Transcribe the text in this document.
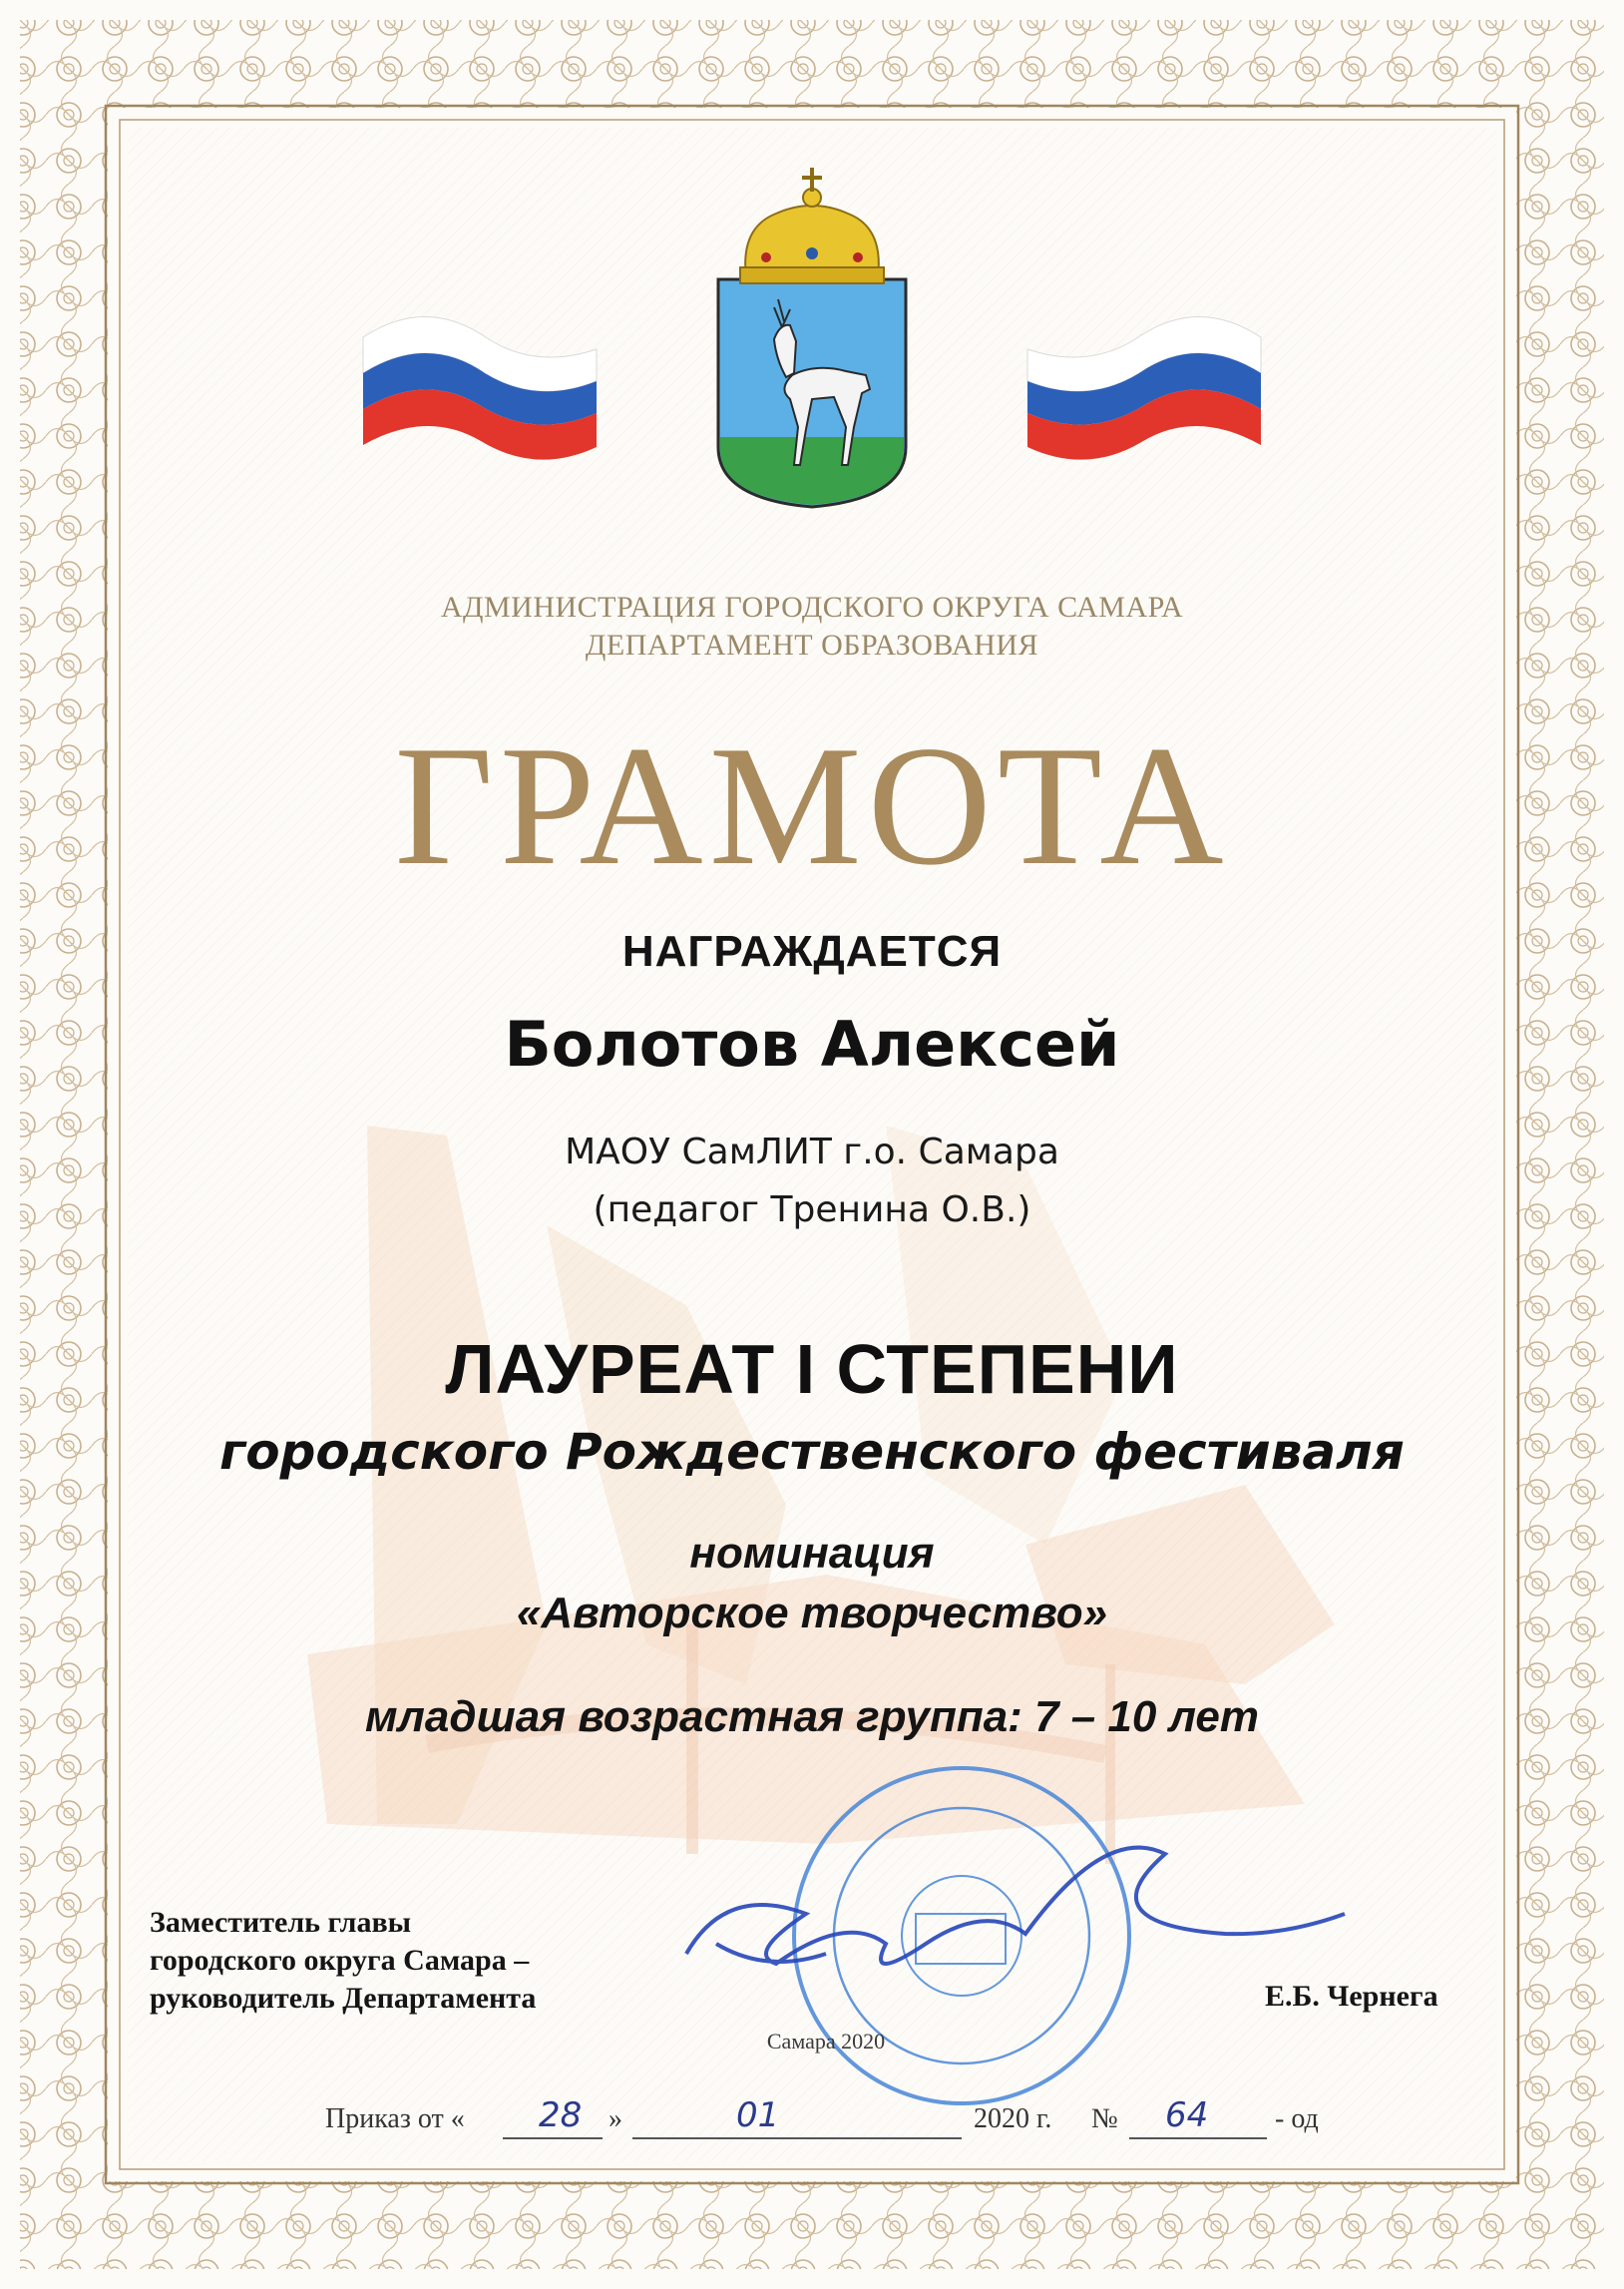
АДМИНИСТРАЦИЯ ГОРОДСКОГО ОКРУГА САМАРА

ДЕПАРТАМЕНТ ОБРАЗОВАНИЯ

ГРАМОТА

НАГРАЖДАЕТСЯ

Болотов Алексей

МАОУ СамЛИТ г.о. Самара

(педагог Тренина О.В.)

ЛАУРЕАТ I СТЕПЕНИ

городского Рождественского фестиваля

номинация

«Авторское творчество»

младшая возрастная группа: 7 – 10 лет

Заместитель главы
городского округа Самара –
руководитель Департамента	Е.Б. Чернега

Самара 2020

Приказ от « 28 »	01	2020 г. № 64 - од
